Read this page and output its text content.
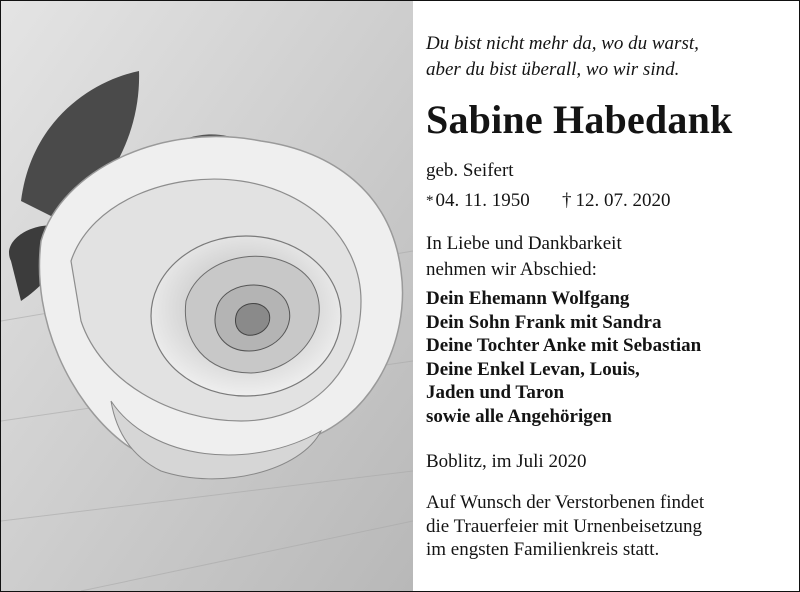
Du bist nicht mehr da, wo du warst,
aber du bist überall, wo wir sind.

Sabine Habedank

geb. Seifert

* 04. 11. 1950	† 12. 07. 2020

In Liebe und Dankbarkeit
nehmen wir Abschied:

Dein Ehemann Wolfgang
Dein Sohn Frank mit Sandra
Deine Tochter Anke mit Sebastian
Deine Enkel Levan, Louis,
Jaden und Taron
sowie alle Angehörigen

Boblitz, im Juli 2020

Auf Wunsch der Verstorbenen findet
die Trauerfeier mit Urnenbeisetzung
im engsten Familienkreis statt.
